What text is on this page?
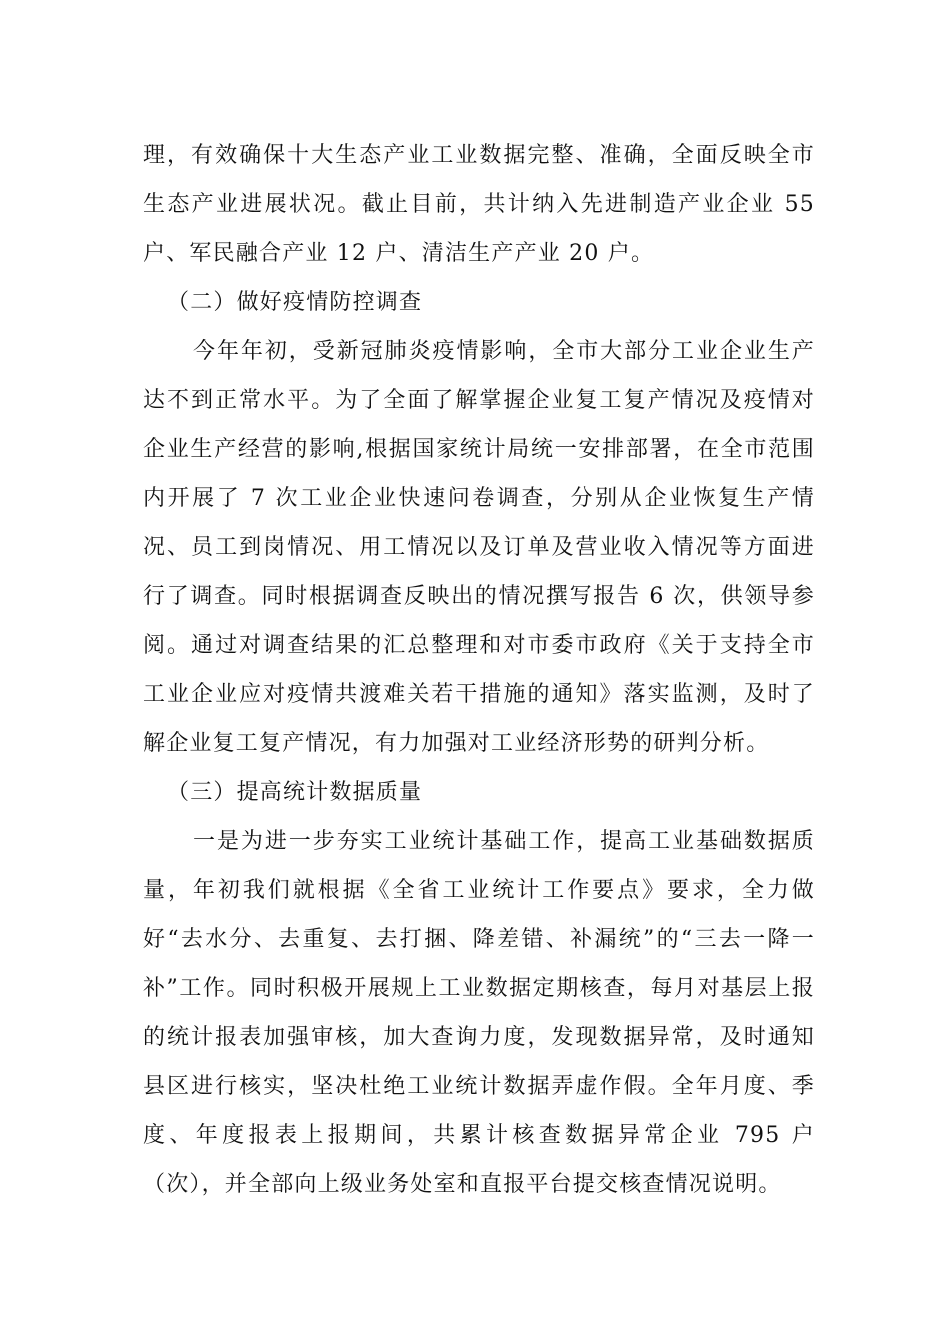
理，有效确保十大生态产业工业数据完整、准确，全面反映全市生态产业进展状况。截止目前，共计纳入先进制造产业企业 55 户、军民融合产业 12 户、清洁生产产业 20 户。

（二）做好疫情防控调查

今年年初，受新冠肺炎疫情影响，全市大部分工业企业生产达不到正常水平。为了全面了解掌握企业复工复产情况及疫情对企业生产经营的影响,根据国家统计局统一安排部署，在全市范围内开展了 7 次工业企业快速问卷调查，分别从企业恢复生产情况、员工到岗情况、用工情况以及订单及营业收入情况等方面进行了调查。同时根据调查反映出的情况撰写报告 6 次，供领导参阅。通过对调查结果的汇总整理和对市委市政府《关于支持全市工业企业应对疫情共渡难关若干措施的通知》落实监测，及时了解企业复工复产情况，有力加强对工业经济形势的研判分析。

（三）提高统计数据质量

一是为进一步夯实工业统计基础工作，提高工业基础数据质量，年初我们就根据《全省工业统计工作要点》要求，全力做好“去水分、去重复、去打捆、降差错、补漏统”的“三去一降一补”工作。同时积极开展规上工业数据定期核查，每月对基层上报的统计报表加强审核，加大查询力度，发现数据异常，及时通知县区进行核实，坚决杜绝工业统计数据弄虚作假。全年月度、季度、年度报表上报期间，共累计核查数据异常企业 795 户（次），并全部向上级业务处室和直报平台提交核查情况说明。
